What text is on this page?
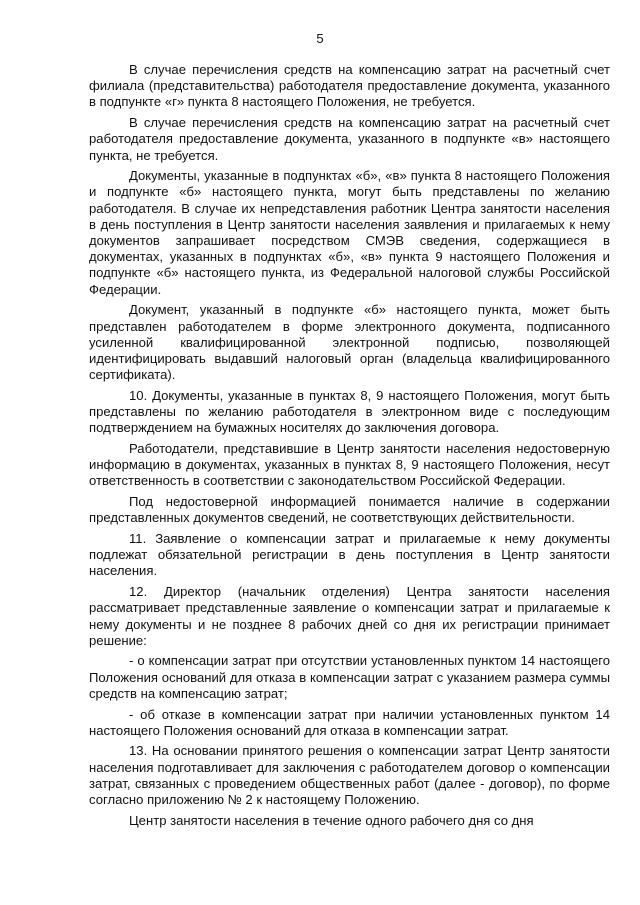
5

В случае перечисления средств на компенсацию затрат на расчетный счет филиала (представительства) работодателя предоставление документа, указанного в подпункте «г» пункта 8 настоящего Положения, не требуется.

В случае перечисления средств на компенсацию затрат на расчетный счет работодателя предоставление документа, указанного в подпункте «в» настоящего пункта, не требуется.

Документы, указанные в подпунктах «б», «в» пункта 8 настоящего Положения и подпункте «б» настоящего пункта, могут быть представлены по желанию работодателя. В случае их непредставления работник Центра занятости населения в день поступления в Центр занятости населения заявления и прилагаемых к нему документов запрашивает посредством СМЭВ сведения, содержащиеся в документах, указанных в подпунктах «б», «в» пункта 9 настоящего Положения и подпункте «б» настоящего пункта, из Федеральной налоговой службы Российской Федерации.

Документ, указанный в подпункте «б» настоящего пункта, может быть представлен работодателем в форме электронного документа, подписанного усиленной квалифицированной электронной подписью, позволяющей идентифицировать выдавший налоговый орган (владельца квалифицированного сертификата).

10. Документы, указанные в пунктах 8, 9 настоящего Положения, могут быть представлены по желанию работодателя в электронном виде с последующим подтверждением на бумажных носителях до заключения договора.

Работодатели, представившие в Центр занятости населения недостоверную информацию в документах, указанных в пунктах 8, 9 настоящего Положения, несут ответственность в соответствии с законодательством Российской Федерации.

Под недостоверной информацией понимается наличие в содержании представленных документов сведений, не соответствующих действительности.

11. Заявление о компенсации затрат и прилагаемые к нему документы подлежат обязательной регистрации в день поступления в Центр занятости населения.

12. Директор (начальник отделения) Центра занятости населения рассматривает представленные заявление о компенсации затрат и прилагаемые к нему документы и не позднее 8 рабочих дней со дня их регистрации принимает решение:

- о компенсации затрат при отсутствии установленных пунктом 14 настоящего Положения оснований для отказа в компенсации затрат с указанием размера суммы средств на компенсацию затрат;

- об отказе в компенсации затрат при наличии установленных пунктом 14 настоящего Положения оснований для отказа в компенсации затрат.

13. На основании принятого решения о компенсации затрат Центр занятости населения подготавливает для заключения с работодателем договор о компенсации затрат, связанных с проведением общественных работ (далее - договор), по форме согласно приложению № 2 к настоящему Положению.

Центр занятости населения в течение одного рабочего дня со дня
